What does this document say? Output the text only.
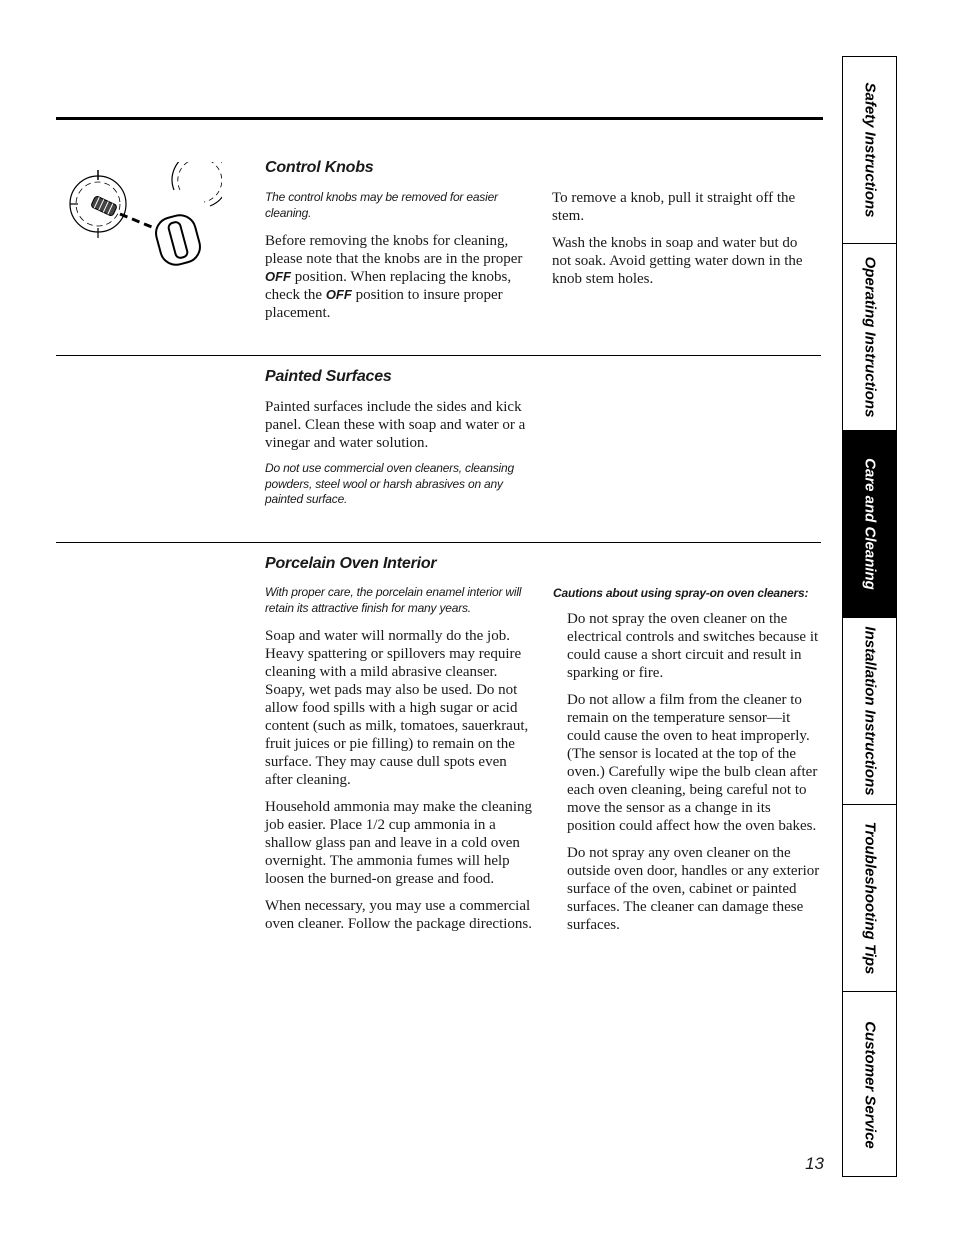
Control Knobs

The control knobs may be removed for easier cleaning.

Before removing the knobs for cleaning, please note that the knobs are in the proper OFF position. When replacing the knobs, check the OFF position to insure proper placement.

To remove a knob, pull it straight off the stem.

Wash the knobs in soap and water but do not soak. Avoid getting water down in the knob stem holes.

Painted Surfaces

Painted surfaces include the sides and kick panel. Clean these with soap and water or a vinegar and water solution.

Do not use commercial oven cleaners, cleansing powders, steel wool or harsh abrasives on any painted surface.

Porcelain Oven Interior

With proper care, the porcelain enamel interior will retain its attractive finish for many years.

Soap and water will normally do the job. Heavy spattering or spillovers may require cleaning with a mild abrasive cleanser. Soapy, wet pads may also be used. Do not allow food spills with a high sugar or acid content (such as milk, tomatoes, sauerkraut, fruit juices or pie filling) to remain on the surface. They may cause dull spots even after cleaning.

Household ammonia may make the cleaning job easier. Place 1/2 cup ammonia in a shallow glass pan and leave in a cold oven overnight. The ammonia fumes will help loosen the burned-on grease and food.

When necessary, you may use a commercial oven cleaner. Follow the package directions.

Cautions about using spray-on oven cleaners:

Do not spray the oven cleaner on the electrical controls and switches because it could cause a short circuit and result in sparking or fire.

Do not allow a film from the cleaner to remain on the temperature sensor—it could cause the oven to heat improperly. (The sensor is located at the top of the oven.) Carefully wipe the bulb clean after each oven cleaning, being careful not to move the sensor as a change in its position could affect how the oven bakes.

Do not spray any oven cleaner on the outside oven door, handles or any exterior surface of the oven, cabinet or painted surfaces. The cleaner can damage these surfaces.

Safety Instructions
Operating Instructions
Care and Cleaning
Installation Instructions
Troubleshooting Tips
Customer Service
13
